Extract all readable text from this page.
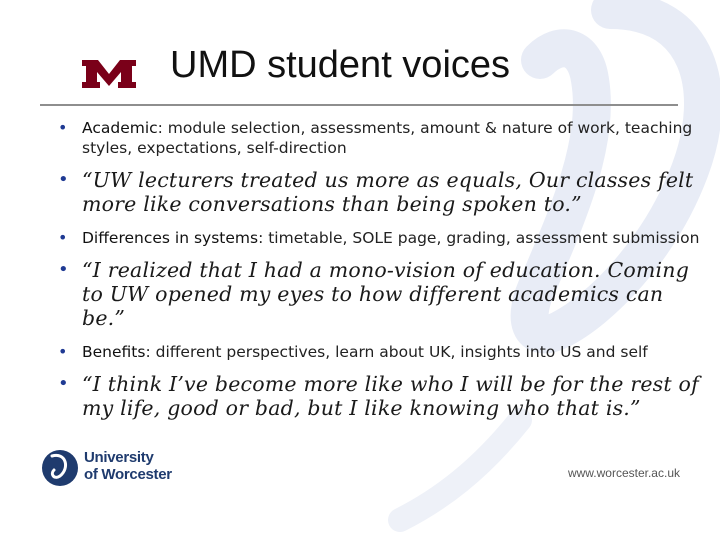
UMD student voices
• Academic: module selection, assessments, amount & nature of work, teaching styles, expectations, self-direction
• “UW lecturers treated us more as equals, Our classes felt more like conversations than being spoken to.”
• Differences in systems: timetable, SOLE page, grading, assessment submission
• “I realized that I had a mono-vision of education. Coming to UW opened my eyes to how different academics can be.”
• Benefits: different perspectives, learn about UK, insights into US and self
• “I think I’ve become more like who I will be for the rest of my life, good or bad, but I like knowing who that is.”
University
of Worcester	www.worcester.ac.uk
